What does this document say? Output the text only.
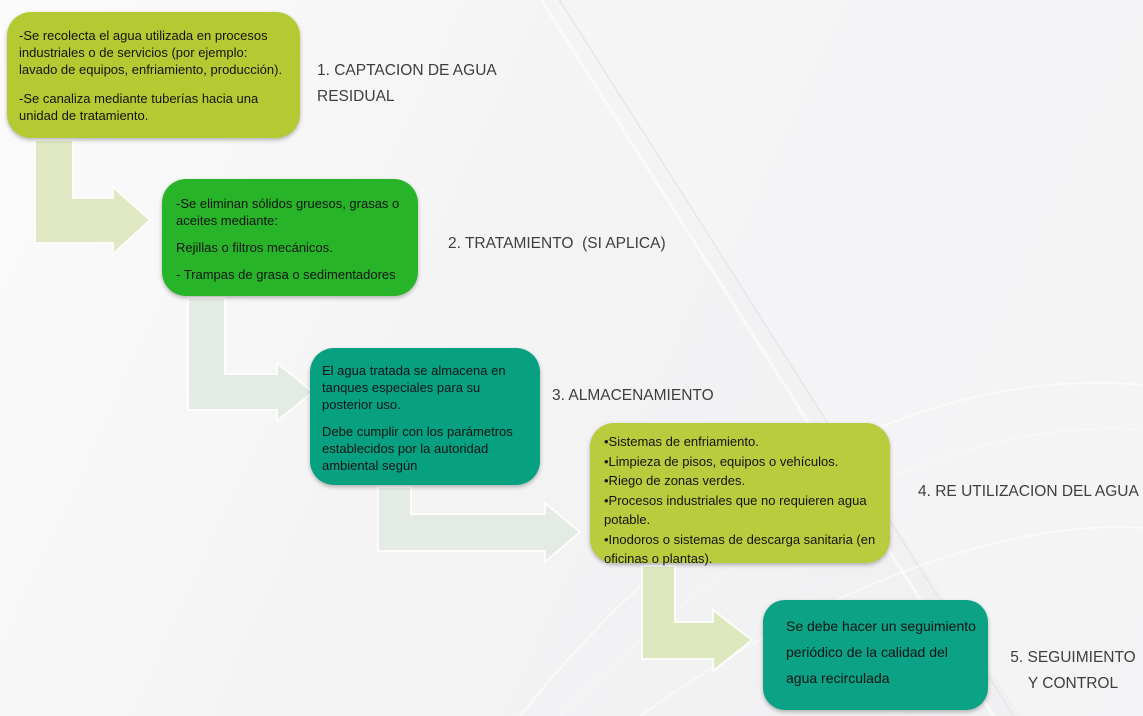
-Se recolecta el agua utilizada en procesos industriales o de servicios (por ejemplo: lavado de equipos, enfriamiento, producción).

-Se canaliza mediante tuberías hacia una unidad de tratamiento.

1. CAPTACION DE AGUA RESIDUAL

-Se eliminan sólidos gruesos, grasas o aceites mediante:

Rejillas o filtros mecánicos.

- Trampas de grasa o sedimentadores

2. TRATAMIENTO  (SI APLICA)

El agua tratada se almacena en tanques especiales para su posterior uso.

Debe cumplir con los parámetros establecidos por la autoridad ambiental según

3. ALMACENAMIENTO

•Sistemas de enfriamiento.

•Limpieza de pisos, equipos o vehículos.

•Riego de zonas verdes.

•Procesos industriales que no requieren agua potable.

•Inodoros o sistemas de descarga sanitaria (en oficinas o plantas).

4. RE UTILIZACION DEL AGUA

Se debe hacer un seguimiento periódico de la calidad del agua recirculada

5. SEGUIMIENTO Y CONTROL
